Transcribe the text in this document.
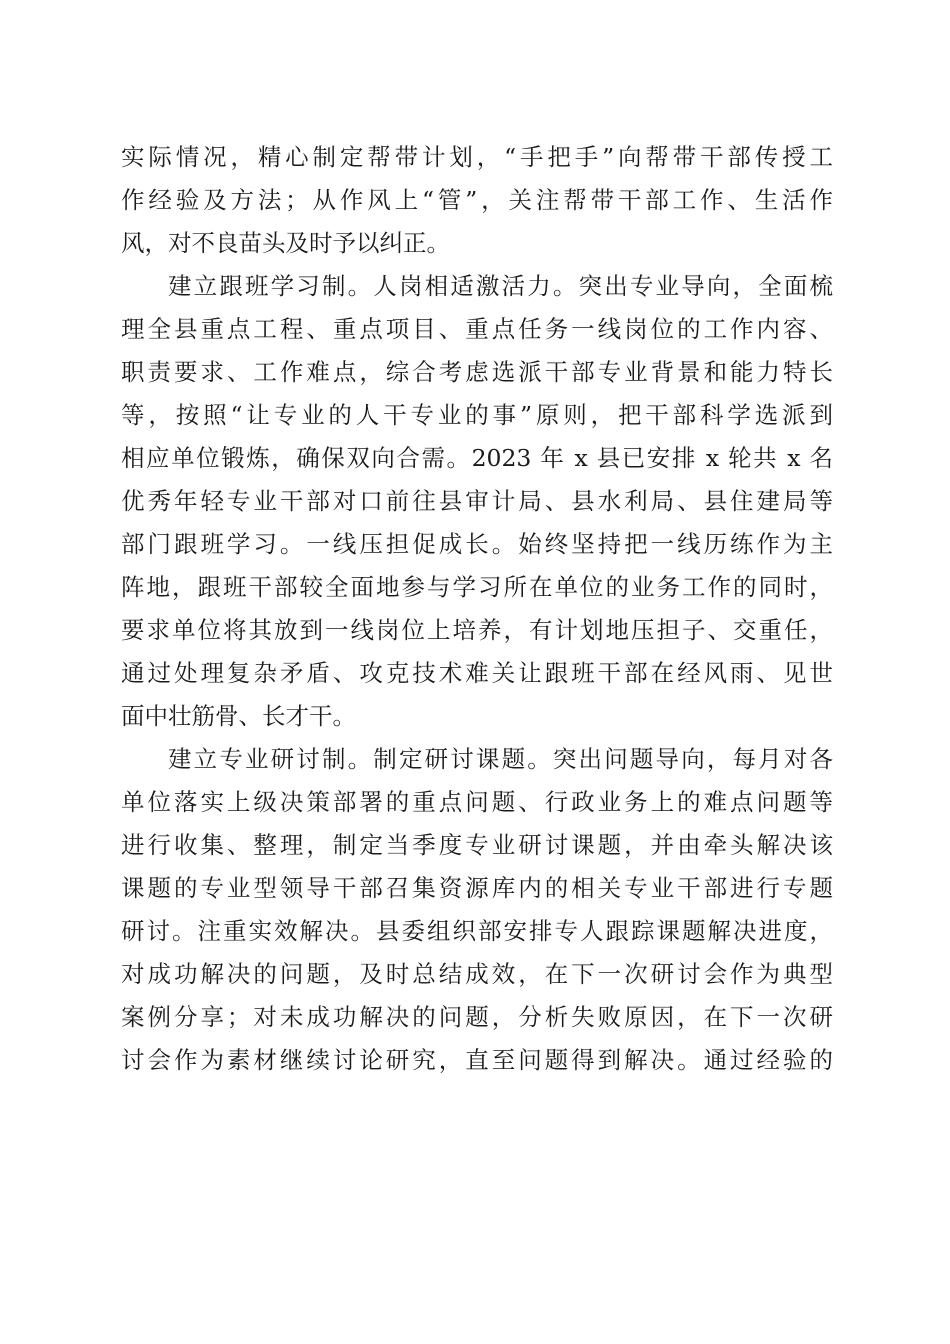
实际情况，精心制定帮带计划，“手把手”向帮带干部传授工
作经验及方法；从作风上“管”，关注帮带干部工作、生活作
风，对不良苗头及时予以纠正。
建立跟班学习制。人岗相适激活力。突出专业导向，全面梳
理全县重点工程、重点项目、重点任务一线岗位的工作内容、
职责要求、工作难点，综合考虑选派干部专业背景和能力特长
等，按照“让专业的人干专业的事”原则，把干部科学选派到
相应单位锻炼，确保双向合需。2023 年 x 县已安排 x 轮共 x 名
优秀年轻专业干部对口前往县审计局、县水利局、县住建局等
部门跟班学习。一线压担促成长。始终坚持把一线历练作为主
阵地，跟班干部较全面地参与学习所在单位的业务工作的同时，
要求单位将其放到一线岗位上培养，有计划地压担子、交重任，
通过处理复杂矛盾、攻克技术难关让跟班干部在经风雨、见世
面中壮筋骨、长才干。
建立专业研讨制。制定研讨课题。突出问题导向，每月对各
单位落实上级决策部署的重点问题、行政业务上的难点问题等
进行收集、整理，制定当季度专业研讨课题，并由牵头解决该
课题的专业型领导干部召集资源库内的相关专业干部进行专题
研讨。注重实效解决。县委组织部安排专人跟踪课题解决进度，
对成功解决的问题，及时总结成效，在下一次研讨会作为典型
案例分享；对未成功解决的问题，分析失败原因，在下一次研
讨会作为素材继续讨论研究，直至问题得到解决。通过经验的
